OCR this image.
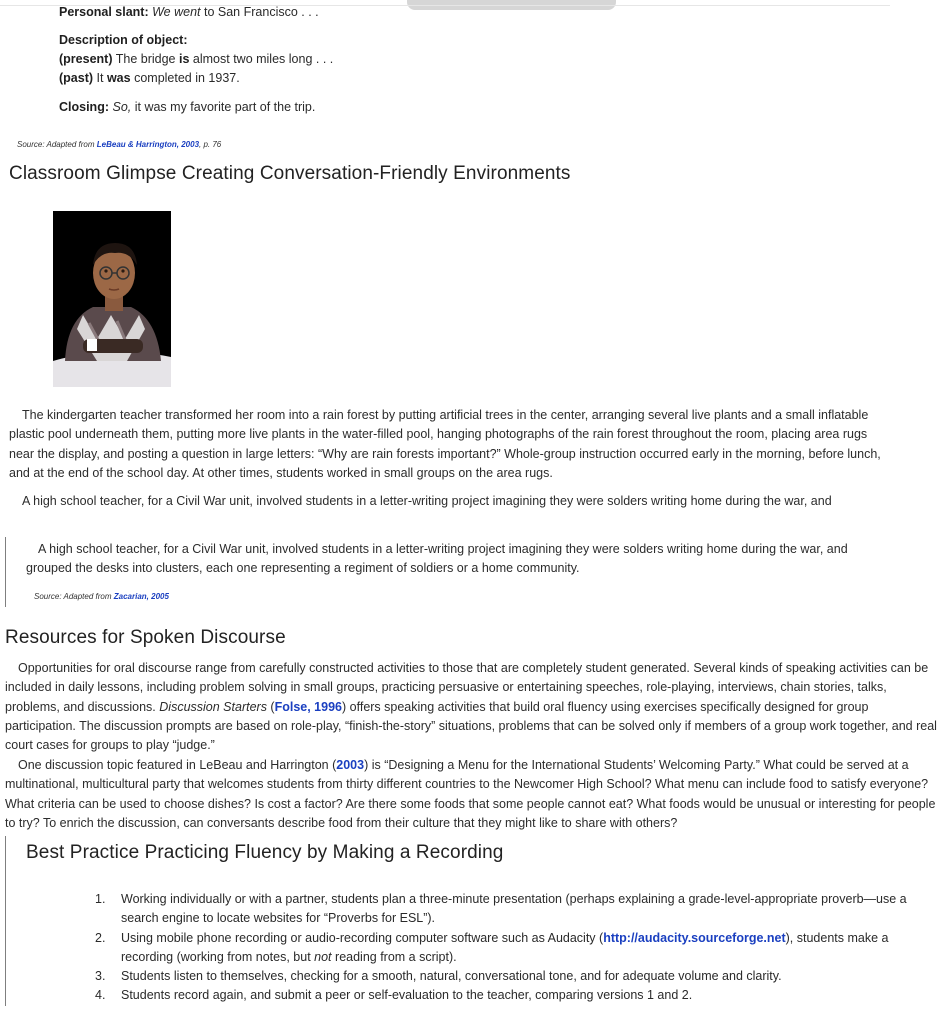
Personal slant: We went to San Francisco . . .
Description of object:
(present) The bridge is almost two miles long . . .
(past) It was completed in 1937.
Closing: So, it was my favorite part of the trip.
Source: Adapted from LeBeau & Harrington, 2003, p. 76
Classroom Glimpse Creating Conversation-Friendly Environments
The kindergarten teacher transformed her room into a rain forest by putting artificial trees in the center, arranging several live plants and a small inflatable plastic pool underneath them, putting more live plants in the water-filled pool, hanging photographs of the rain forest throughout the room, placing area rugs near the display, and posting a question in large letters: “Why are rain forests important?” Whole-group instruction occurred early in the morning, before lunch, and at the end of the school day. At other times, students worked in small groups on the area rugs.
A high school teacher, for a Civil War unit, involved students in a letter-writing project imagining they were solders writing home during the war, and
A high school teacher, for a Civil War unit, involved students in a letter-writing project imagining they were solders writing home during the war, and grouped the desks into clusters, each one representing a regiment of soldiers or a home community.
Source: Adapted from Zacarian, 2005
Resources for Spoken Discourse
Opportunities for oral discourse range from carefully constructed activities to those that are completely student generated. Several kinds of speaking activities can be included in daily lessons, including problem solving in small groups, practicing persuasive or entertaining speeches, role-playing, interviews, chain stories, talks, problems, and discussions. Discussion Starters (Folse, 1996) offers speaking activities that build oral fluency using exercises specifically designed for group participation. The discussion prompts are based on role-play, “finish-the-story” situations, problems that can be solved only if members of a group work together, and real court cases for groups to play “judge.”
One discussion topic featured in LeBeau and Harrington (2003) is “Designing a Menu for the International Students’ Welcoming Party.” What could be served at a multinational, multicultural party that welcomes students from thirty different countries to the Newcomer High School? What menu can include food to satisfy everyone? What criteria can be used to choose dishes? Is cost a factor? Are there some foods that some people cannot eat? What foods would be unusual or interesting for people to try? To enrich the discussion, can conversants describe food from their culture that they might like to share with others?
Best Practice Practicing Fluency by Making a Recording
1. Working individually or with a partner, students plan a three-minute presentation (perhaps explaining a grade-level-appropriate proverb—use a search engine to locate websites for “Proverbs for ESL”).
2. Using mobile phone recording or audio-recording computer software such as Audacity (http://audacity.sourceforge.net), students make a recording (working from notes, but not reading from a script).
3. Students listen to themselves, checking for a smooth, natural, conversational tone, and for adequate volume and clarity.
4. Students record again, and submit a peer or self-evaluation to the teacher, comparing versions 1 and 2.
